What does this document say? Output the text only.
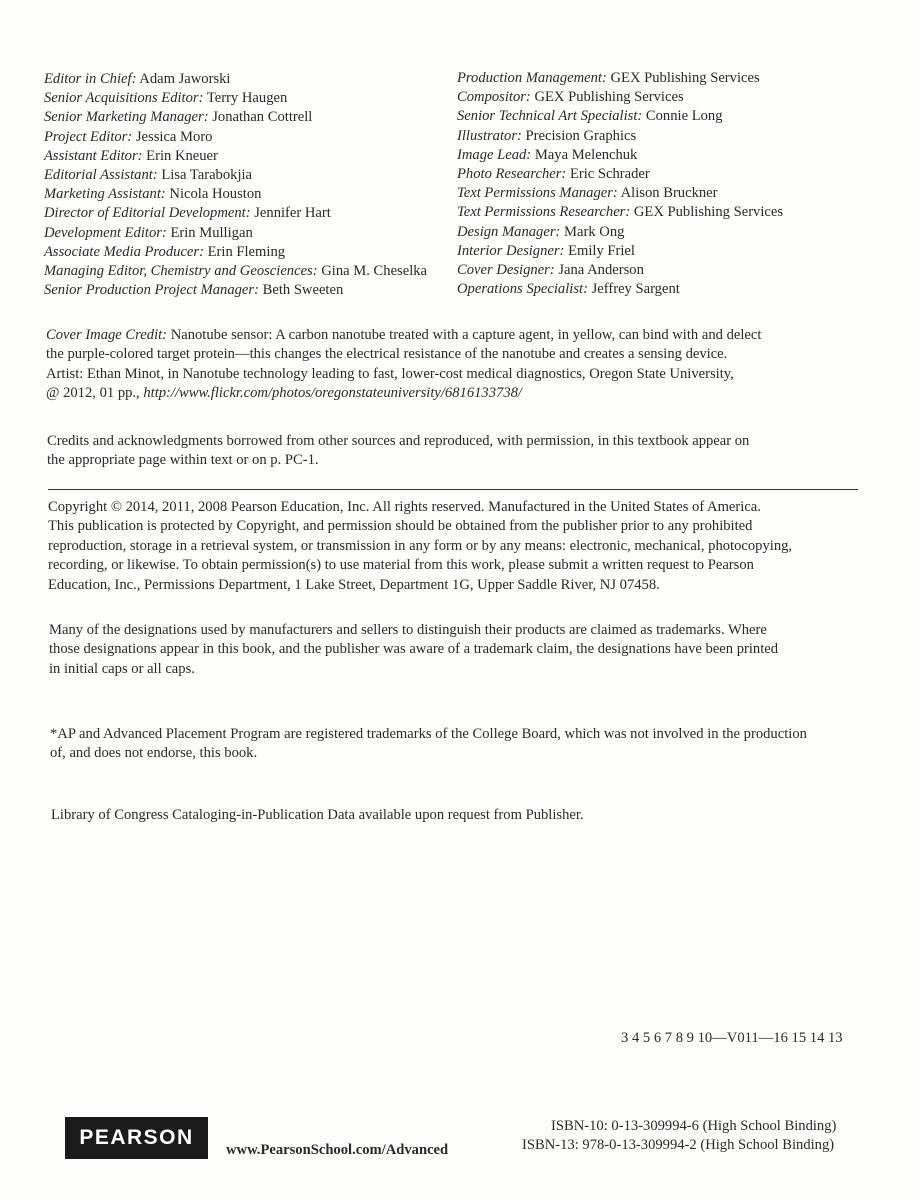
Editor in Chief: Adam Jaworski
Senior Acquisitions Editor: Terry Haugen
Senior Marketing Manager: Jonathan Cottrell
Project Editor: Jessica Moro
Assistant Editor: Erin Kneuer
Editorial Assistant: Lisa Tarabokjia
Marketing Assistant: Nicola Houston
Director of Editorial Development: Jennifer Hart
Development Editor: Erin Mulligan
Associate Media Producer: Erin Fleming
Managing Editor, Chemistry and Geosciences: Gina M. Cheselka
Senior Production Project Manager: Beth Sweeten
Production Management: GEX Publishing Services
Compositor: GEX Publishing Services
Senior Technical Art Specialist: Connie Long
Illustrator: Precision Graphics
Image Lead: Maya Melenchuk
Photo Researcher: Eric Schrader
Text Permissions Manager: Alison Bruckner
Text Permissions Researcher: GEX Publishing Services
Design Manager: Mark Ong
Interior Designer: Emily Friel
Cover Designer: Jana Anderson
Operations Specialist: Jeffrey Sargent
Cover Image Credit: Nanotube sensor: A carbon nanotube treated with a capture agent, in yellow, can bind with and delect
the purple-colored target protein—this changes the electrical resistance of the nanotube and creates a sensing device.
Artist: Ethan Minot, in Nanotube technology leading to fast, lower-cost medical diagnostics, Oregon State University,
@ 2012, 01 pp., http://www.flickr.com/photos/oregonstateuniversity/6816133738/
Credits and acknowledgments borrowed from other sources and reproduced, with permission, in this textbook appear on
the appropriate page within text or on p. PC-1.
Copyright © 2014, 2011, 2008 Pearson Education, Inc. All rights reserved. Manufactured in the United States of America.
This publication is protected by Copyright, and permission should be obtained from the publisher prior to any prohibited
reproduction, storage in a retrieval system, or transmission in any form or by any means: electronic, mechanical, photocopying,
recording, or likewise. To obtain permission(s) to use material from this work, please submit a written request to Pearson
Education, Inc., Permissions Department, 1 Lake Street, Department 1G, Upper Saddle River, NJ 07458.
Many of the designations used by manufacturers and sellers to distinguish their products are claimed as trademarks. Where
those designations appear in this book, and the publisher was aware of a trademark claim, the designations have been printed
in initial caps or all caps.
*AP and Advanced Placement Program are registered trademarks of the College Board, which was not involved in the production
of, and does not endorse, this book.
Library of Congress Cataloging-in-Publication Data available upon request from Publisher.
3 4 5 6 7 8 9 10—V011—16 15 14 13
PEARSON
www.PearsonSchool.com/Advanced
ISBN-10: 0-13-309994-6 (High School Binding)
ISBN-13: 978-0-13-309994-2 (High School Binding)
